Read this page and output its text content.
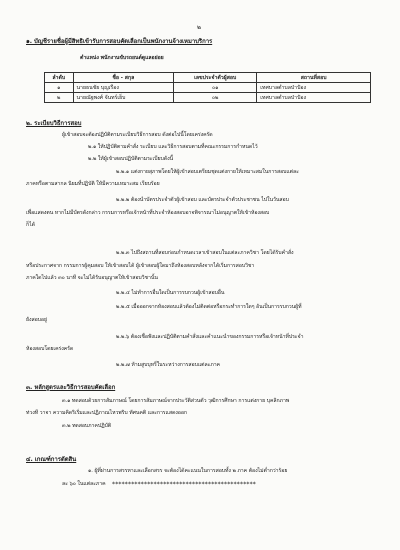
๒
๑. บัญชีรายชื่อผู้มีสิทธิเข้ารับการสอบคัดเลือกเป็นพนักงานจ้างเหมาบริการ
ตำแหน่ง พนักงานขับรถยนต์ดูแลอย่อย
ลำดับ	ชื่อ - สกุล	เลขประจำตัวผู้สอบ	สถานที่สอบ
๑	นายธนชัย บุญเรือง	๐๑	เทศบาลตำบลป่าป้อง
๒	นายณัฐพงศ์ จันทร์เย็บ	๐๒	เทศบาลตำบลป่าป้อง
๒. ระเบียบวิธีการสอบ
ผู้เข้าสอบจะต้องปฏิบัติตามระเบียบวิธีการสอบ ดังต่อไปนี้โดยเคร่งครัด
๒.๑ ให้ปฏิบัติตามคำสั่ง ระเบียบ และวิธีการสอบตามที่คณะกรรมการกำหนดไว้
๒.๒ ให้ผู้เข้าสอบปฏิบัติตามระเบียบดังนี้
๒.๒.๑ แต่งกายสุภาพโดยให้ผู้เข้าสอบเตรียมชุดแต่งกายให้เหมาะสมในการสอบแต่ละ
ภาคหรือตามสากล นิยมที่ปฏิบัติ ให้มีความเหมาะสม เรียบร้อย
๒.๒.๒ ต้องนำบัตรประจำตัวผู้เข้าสอบ และบัตรประจำตัวประชาชน ไปในวันสอบ
เพื่อแสดงตน หากไม่มีบัตรดังกล่าว กรรมการหรือเจ้าหน้าที่ประจำห้องสอบอาจพิจารณาไม่อนุญาตให้เข้าห้องสอบ
ก็ได้
๒.๒.๓ ไปถึงสถานที่สอบก่อนกำหนดเวลาเข้าสอบในแต่ละภาควิชา โดยได้รับคำสั่ง
หรือประกาศจาก กรรมการผู้คุมสอบ ให้เข้าสอบได้ ผู้เข้าสอบผู้ใดมาถึงห้องสอบหลังจากได้เริ่มการสอบวิชา
ภาคใดไปแล้ว ๓๐ นาที จะไม่ได้รับอนุญาตให้เข้าสอบวิชานั้น
๒.๒.๔ ไม่ทำการอื่นใดเป็นการรบกวนผู้เข้าสอบอื่น
๒.๒.๕ เมื่อออกจากห้องสอบแล้วต้องไม่ติดต่อหรือกระทำการใดๆ อันเป็นการรบกวนผู้ที่
ยังสอบอยู่
๒.๒.๖ ต้องเชื่อฟังและปฏิบัติตามคำสั่งและคำแนะนำของกรรมการหรือเจ้าหน้าที่ประจำ
ห้องสอบโดยเคร่งครัด
๒.๒.๗ ห้ามสูบบุหรี่ในระหว่างการสอบแต่ละภาค
๓. หลักสูตรและวิธีการสอบคัดเลือก
๓.๑ ทดสอบด้วยการสัมภาษณ์ โดยการสัมภาษณ์จากประวัติส่วนตัว วุฒิการศึกษา การแต่งกาย บุคลิกภาพ
ท่วงที วาจา ความคิดริเริ่มและปฏิภาณไหวพริบ ทัศนคติ และการแสดงออก
๓.๒ ทดสอบภาคปฏิบัติ
๔. เกณฑ์การตัดสิน
๑. ผู้ที่ผ่านการสรรหาและเลือกสรร จะต้องได้คะแนนในการสอบทั้ง ๒ ภาค ต้องไม่ต่ำกว่าร้อย
ละ ๖๐ ในแต่ละภาค *********************************************
